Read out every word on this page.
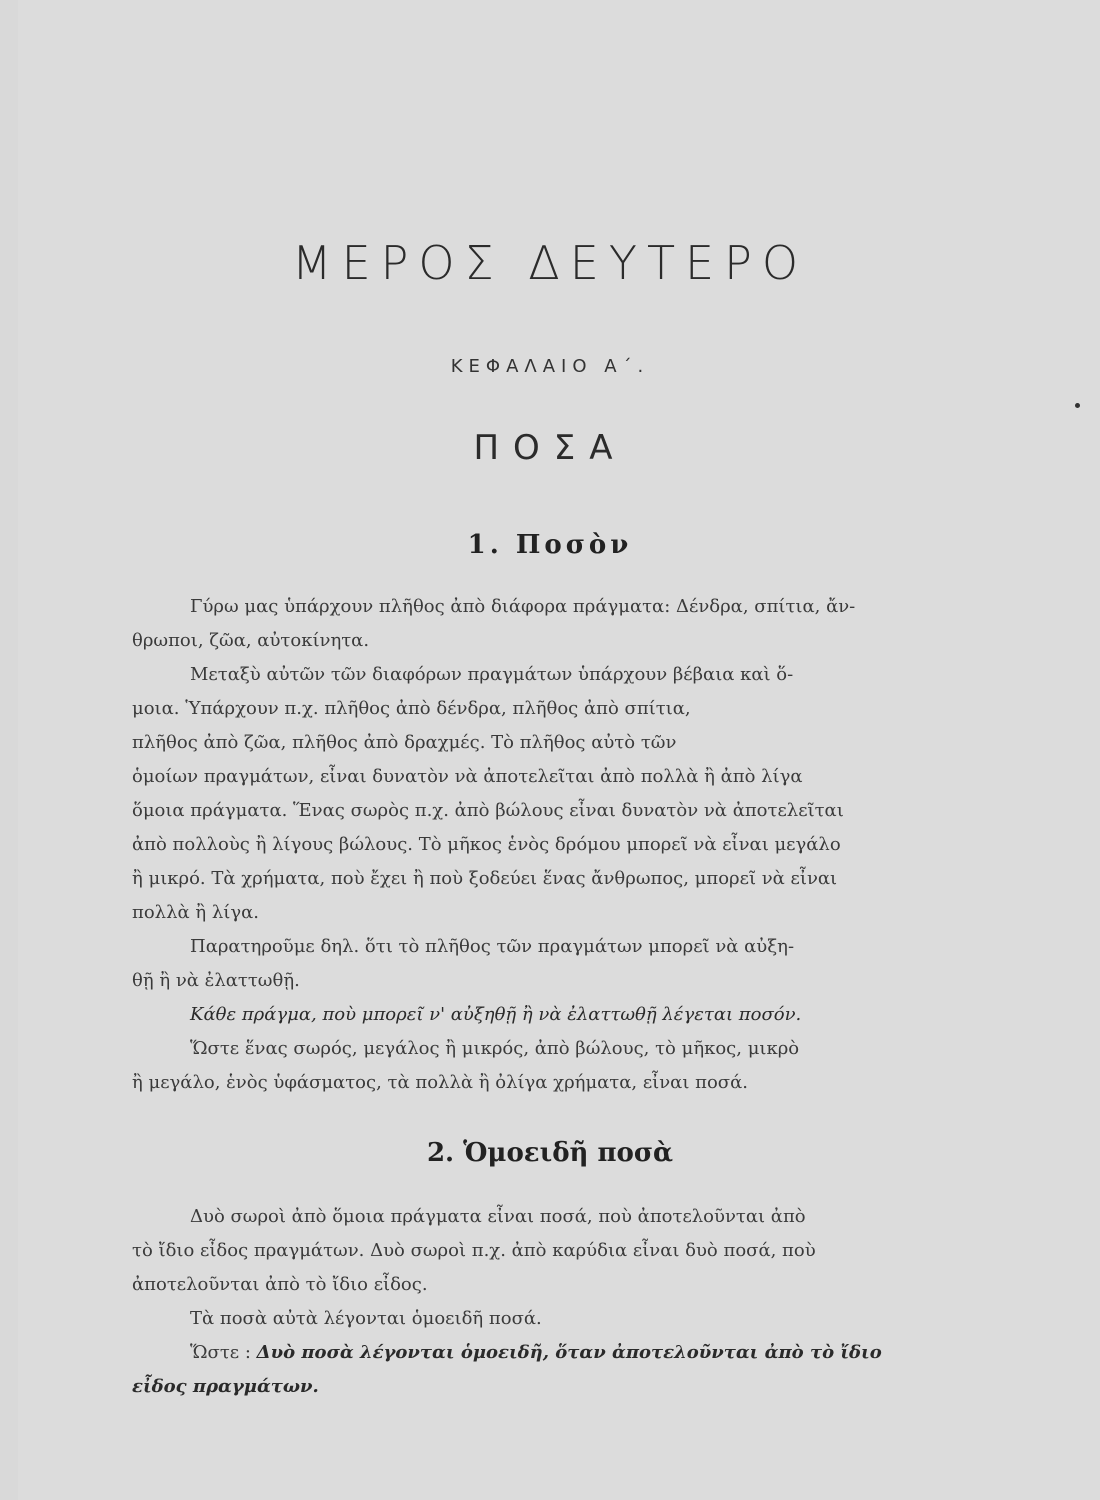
ΜΕΡΟΣ ΔΕΥΤΕΡΟ
ΚΕΦΑΛΑΙΟ Α΄.
ΠΟΣΑ
1. Ποσὸν
Γύρω μας ὑπάρχουν πλῆθος ἀπὸ διάφορα πράγματα: Δένδρα, σπίτια, ἄν-
θρωποι, ζῶα, αὐτοκίνητα.
Μεταξὺ αὐτῶν τῶν διαφόρων πραγμάτων ὑπάρχουν βέβαια καὶ ὅ-
μοια. Ὑπάρχουν π.χ. πλῆθος ἀπὸ δένδρα, πλῆθος ἀπὸ σπίτια,
πλῆθος ἀπὸ ζῶα, πλῆθος ἀπὸ δραχμές. Τὸ πλῆθος αὐτὸ τῶν
ὁμοίων πραγμάτων, εἶναι δυνατὸν νὰ ἀποτελεῖται ἀπὸ πολλὰ ἢ ἀπὸ λίγα
ὅμοια πράγματα. Ἕνας σωρὸς π.χ. ἀπὸ βώλους εἶναι δυνατὸν νὰ ἀποτελεῖται
ἀπὸ πολλοὺς ἢ λίγους βώλους. Τὸ μῆκος ἑνὸς δρόμου μπορεῖ νὰ εἶναι μεγάλο
ἢ μικρό. Τὰ χρήματα, ποὺ ἔχει ἢ ποὺ ξοδεύει ἕνας ἄνθρωπος, μπορεῖ νὰ εἶναι
πολλὰ ἢ λίγα.
Παρατηροῦμε δηλ. ὅτι τὸ πλῆθος τῶν πραγμάτων μπορεῖ νὰ αὐξη-
θῇ ἢ νὰ ἐλαττωθῇ.
Κάθε πράγμα, ποὺ μπορεῖ ν' αὐξηθῇ ἢ νὰ ἐλαττωθῇ λέγεται ποσόν.
Ὥστε ἕνας σωρός, μεγάλος ἢ μικρός, ἀπὸ βώλους, τὸ μῆκος, μικρὸ
ἢ μεγάλο, ἑνὸς ὑφάσματος, τὰ πολλὰ ἢ ὀλίγα χρήματα, εἶναι ποσά.
2. Ὁμοειδῆ ποσὰ
Δυὸ σωροὶ ἀπὸ ὅμοια πράγματα εἶναι ποσά, ποὺ ἀποτελοῦνται ἀπὸ
τὸ ἴδιο εἶδος πραγμάτων. Δυὸ σωροὶ π.χ. ἀπὸ καρύδια εἶναι δυὸ ποσά, ποὺ
ἀποτελοῦνται ἀπὸ τὸ ἴδιο εἶδος.
Τὰ ποσὰ αὐτὰ λέγονται ὁμοειδῆ ποσά.
Ὥστε : Δυὸ ποσὰ λέγονται ὁμοειδῆ, ὅταν ἀποτελοῦνται ἀπὸ τὸ ἴδιο
εἶδος πραγμάτων.
